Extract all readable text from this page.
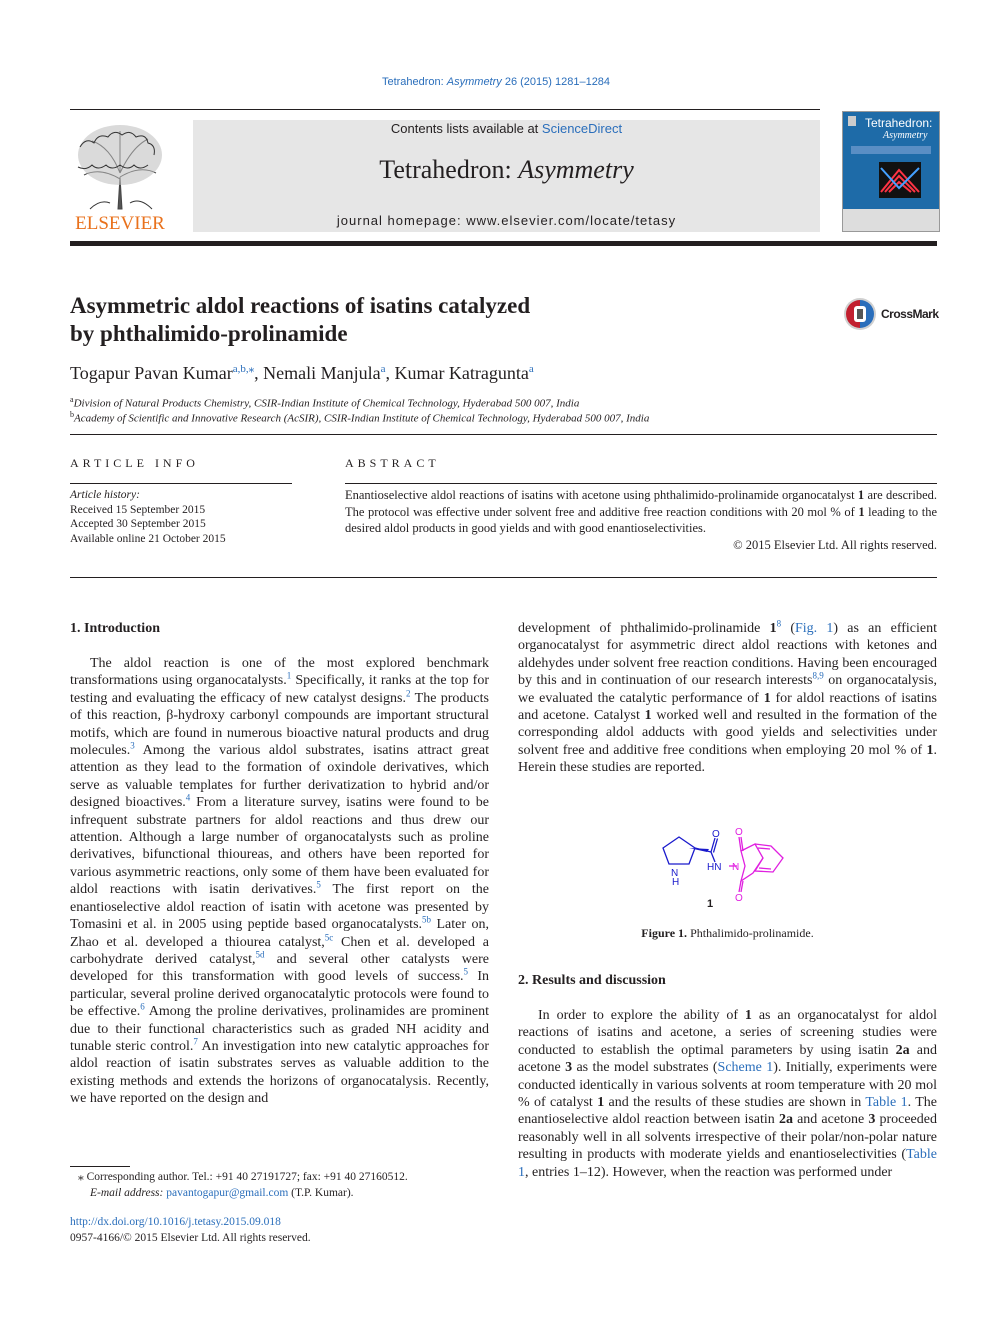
Tetrahedron: Asymmetry 26 (2015) 1281–1284
ELSEVIER
Contents lists available at ScienceDirect
Tetrahedron: Asymmetry
journal homepage: www.elsevier.com/locate/tetasy
Tetrahedron:
Asymmetry
Asymmetric aldol reactions of isatins catalyzed
by phthalimido-prolinamide
CrossMark
Togapur Pavan Kumar$^{a,b,⁎}$, Nemali Manjula$^a$, Kumar Katragunta$^a$
$^a$Division of Natural Products Chemistry, CSIR-Indian Institute of Chemical Technology, Hyderabad 500 007, India
$^b$Academy of Scientific and Innovative Research (AcSIR), CSIR-Indian Institute of Chemical Technology, Hyderabad 500 007, India
ARTICLE INFO
Article history:
Received 15 September 2015
Accepted 30 September 2015
Available online 21 October 2015
ABSTRACT
Enantioselective aldol reactions of isatins with acetone using phthalimido-prolinamide organocatalyst 1 are described. The protocol was effective under solvent free and additive free reaction conditions with 20 mol % of 1 leading to the desired aldol products in good yields and with good enantioselectivities.
© 2015 Elsevier Ltd. All rights reserved.
1. Introduction

The aldol reaction is one of the most explored benchmark transformations using organocatalysts.$^1$ Specifically, it ranks at the top for testing and evaluating the efficacy of new catalyst designs.$^2$ The products of this reaction, β-hydroxy carbonyl compounds are important structural motifs, which are found in numerous bioactive natural products and drug molecules.$^3$ Among the various aldol substrates, isatins attract great attention as they lead to the formation of oxindole derivatives, which serve as valuable templates for further derivatization to hybrid and/or designed bioactives.$^4$ From a literature survey, isatins were found to be infrequent substrate partners for aldol reactions and thus drew our attention. Although a large number of organocatalysts such as proline derivatives, bifunctional thioureas, and others have been reported for various asymmetric reactions, only some of them have been evaluated for aldol reactions with isatin derivatives.$^5$ The first report on the enantioselective aldol reaction of isatin with acetone was presented by Tomasini et al. in 2005 using peptide based organocatalysts.$^{5b}$ Later on, Zhao et al. developed a thiourea catalyst,$^{5c}$ Chen et al. developed a carbohydrate derived catalyst,$^{5d}$ and several other catalysts were developed for this transformation with good levels of success.$^5$ In particular, several proline derived organocatalytic protocols were found to be effective.$^6$ Among the proline derivatives, prolinamides are prominent due to their functional characteristics such as graded NH acidity and tunable steric control.$^7$ An investigation into new catalytic approaches for aldol reaction of isatin substrates serves as valuable addition to the existing methods and extends the horizons of organocatalysis. Recently, we have reported on the design and

development of phthalimido-prolinamide $1^8$ (Fig. 1) as an efficient organocatalyst for asymmetric direct aldol reactions with ketones and aldehydes under solvent free reaction conditions. Having been encouraged by this and in continuation of our research interests$^{8,9}$ on organocatalysis, we evaluated the catalytic performance of 1 for aldol reactions of isatins and acetone. Catalyst 1 worked well and resulted in the formation of the corresponding aldol adducts with good yields and selectivities under solvent free and additive free conditions when employing 20 mol % of 1. Herein these studies are reported.

N
H
O
HN
O
N
O
1
Figure 1. Phthalimido-prolinamide.
2. Results and discussion

In order to explore the ability of 1 as an organocatalyst for aldol reactions of isatins and acetone, a series of screening studies were conducted to establish the optimal parameters by using isatin 2a and acetone 3 as the model substrates (Scheme 1). Initially, experiments were conducted identically in various solvents at room temperature with 20 mol % of catalyst 1 and the results of these studies are shown in Table 1. The enantioselective aldol reaction between isatin 2a and acetone 3 proceeded reasonably well in all solvents irrespective of their polar/non-polar nature resulting in products with moderate yields and enantioselectivities (Table 1, entries 1–12). However, when the reaction was performed under

⁎ Corresponding author. Tel.: +91 40 27191727; fax: +91 40 27160512.
E-mail address: pavantogapur@gmail.com (T.P. Kumar).
http://dx.doi.org/10.1016/j.tetasy.2015.09.018
0957-4166/© 2015 Elsevier Ltd. All rights reserved.
